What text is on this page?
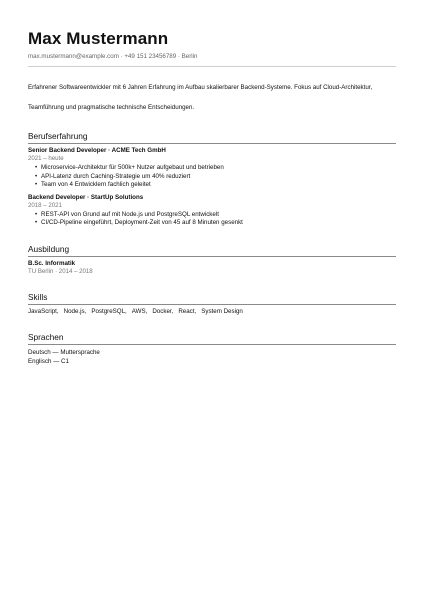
Max Mustermann
max.mustermann@example.com · +49 151 23456789 · Berlin
Erfahrener Softwareentwickler mit 6 Jahren Erfahrung im Aufbau skalierbarer Backend-Systeme. Fokus auf Cloud-Architektur, Teamführung und pragmatische technische Entscheidungen.
Berufserfahrung
Senior Backend Developer · ACME Tech GmbH
2021 – heute
• Microservice-Architektur für 500k+ Nutzer aufgebaut und betrieben
• API-Latenz durch Caching-Strategie um 40% reduziert
• Team von 4 Entwicklern fachlich geleitet
Backend Developer · StartUp Solutions
2018 – 2021
• REST-API von Grund auf mit Node.js und PostgreSQL entwickelt
• CI/CD-Pipeline eingeführt, Deployment-Zeit von 45 auf 8 Minuten gesenkt
Ausbildung
B.Sc. Informatik
TU Berlin · 2014 – 2018
Skills
JavaScript, Node.js, PostgreSQL, AWS, Docker, React, System Design
Sprachen
Deutsch — Muttersprache
Englisch — C1
